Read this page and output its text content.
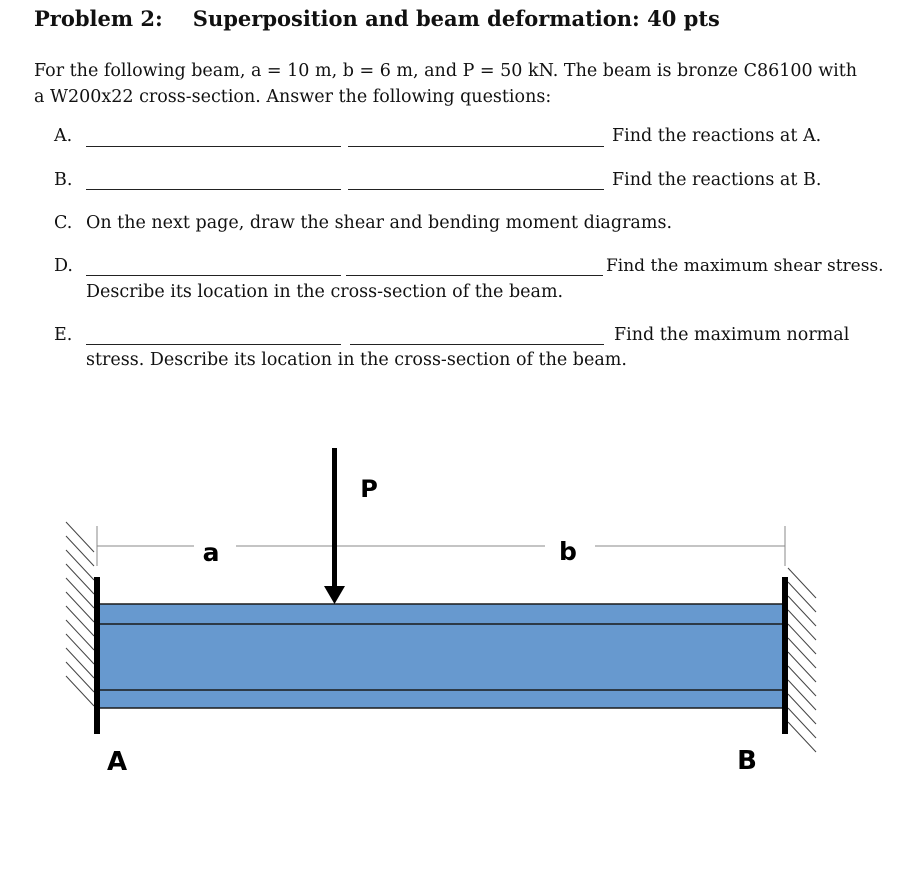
Problem 2: Superposition and beam deformation: 40 pts

For the following beam, a = 10 m, b = 6 m, and P = 50 kN. The beam is bronze C86100 with

a W200x22 cross-section. Answer the following questions:

A.	Find the reactions at A.
B.	Find the reactions at B.
C. On the next page, draw the shear and bending moment diagrams.
D.	Find the maximum shear stress.
Describe its location in the cross-section of the beam.
E.	Find the maximum normal
stress. Describe its location in the cross-section of the beam.
a	b
P
A	B
